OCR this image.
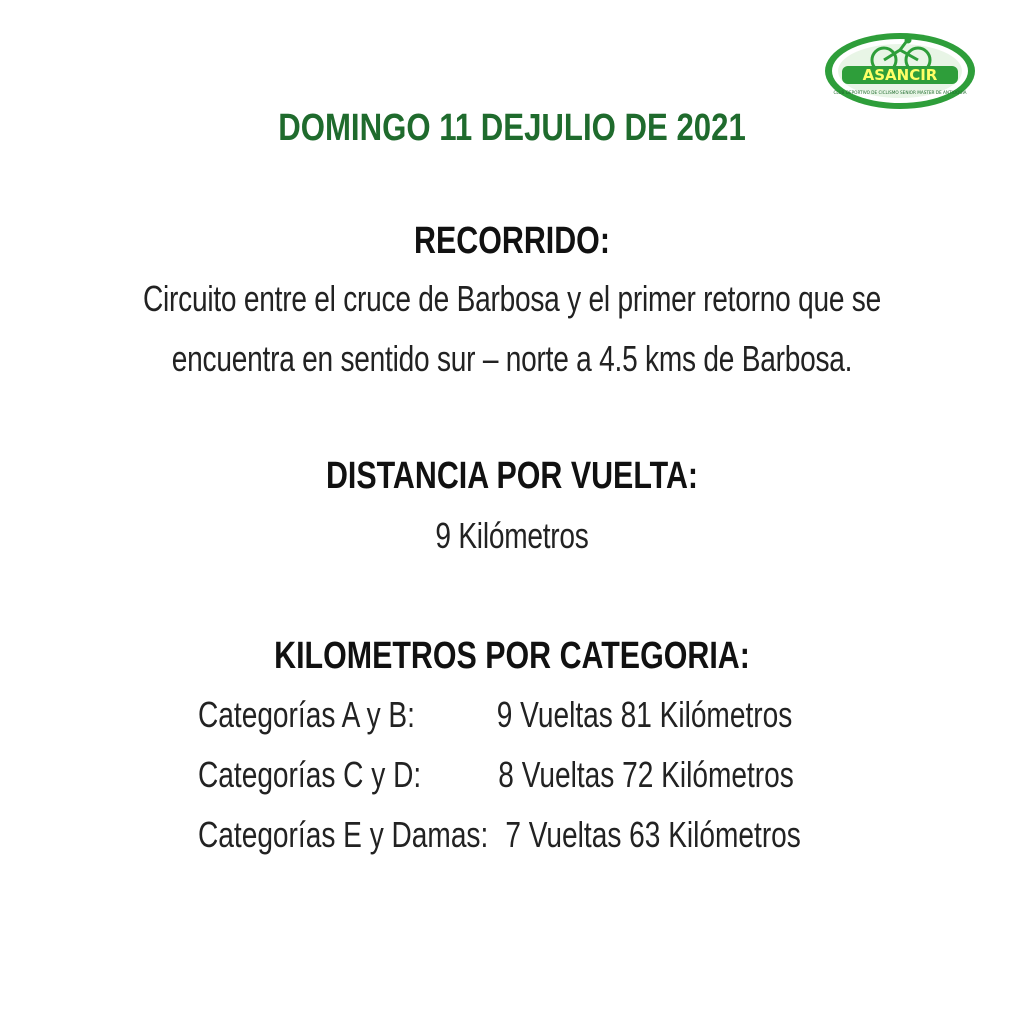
ASANCIR
CLUB DEPORTIVO DE CICLISMO SENIOR MASTER DE ANTIOQUIA
DOMINGO 11 DEJULIO DE 2021
RECORRIDO:
Circuito entre el cruce de Barbosa y el primer retorno que se
encuentra en sentido sur – norte a 4.5 kms de Barbosa.
DISTANCIA POR VUELTA:
9 Kilómetros
KILOMETROS POR CATEGORIA:
Categorías A y B: 9 Vueltas 81 Kilómetros
Categorías C y D: 8 Vueltas 72 Kilómetros
Categorías E y Damas: 7 Vueltas 63 Kilómetros
